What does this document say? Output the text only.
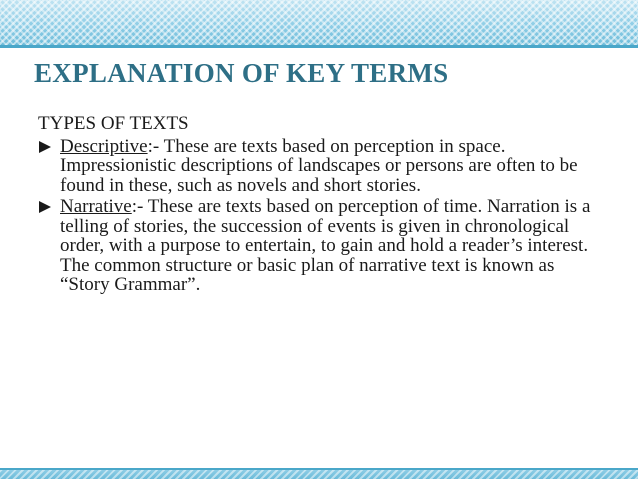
EXPLANATION OF KEY TERMS

TYPES OF TEXTS

Descriptive:- These are texts based on perception in space. Impressionistic descriptions of landscapes or persons are often to be found in these, such as novels and short stories.

Narrative:- These are texts based on perception of time. Narration is a telling of stories, the succession of events is given in chronological order, with a purpose to entertain, to gain and hold a reader’s interest. The common structure or basic plan of narrative text is known as “Story Grammar”.
